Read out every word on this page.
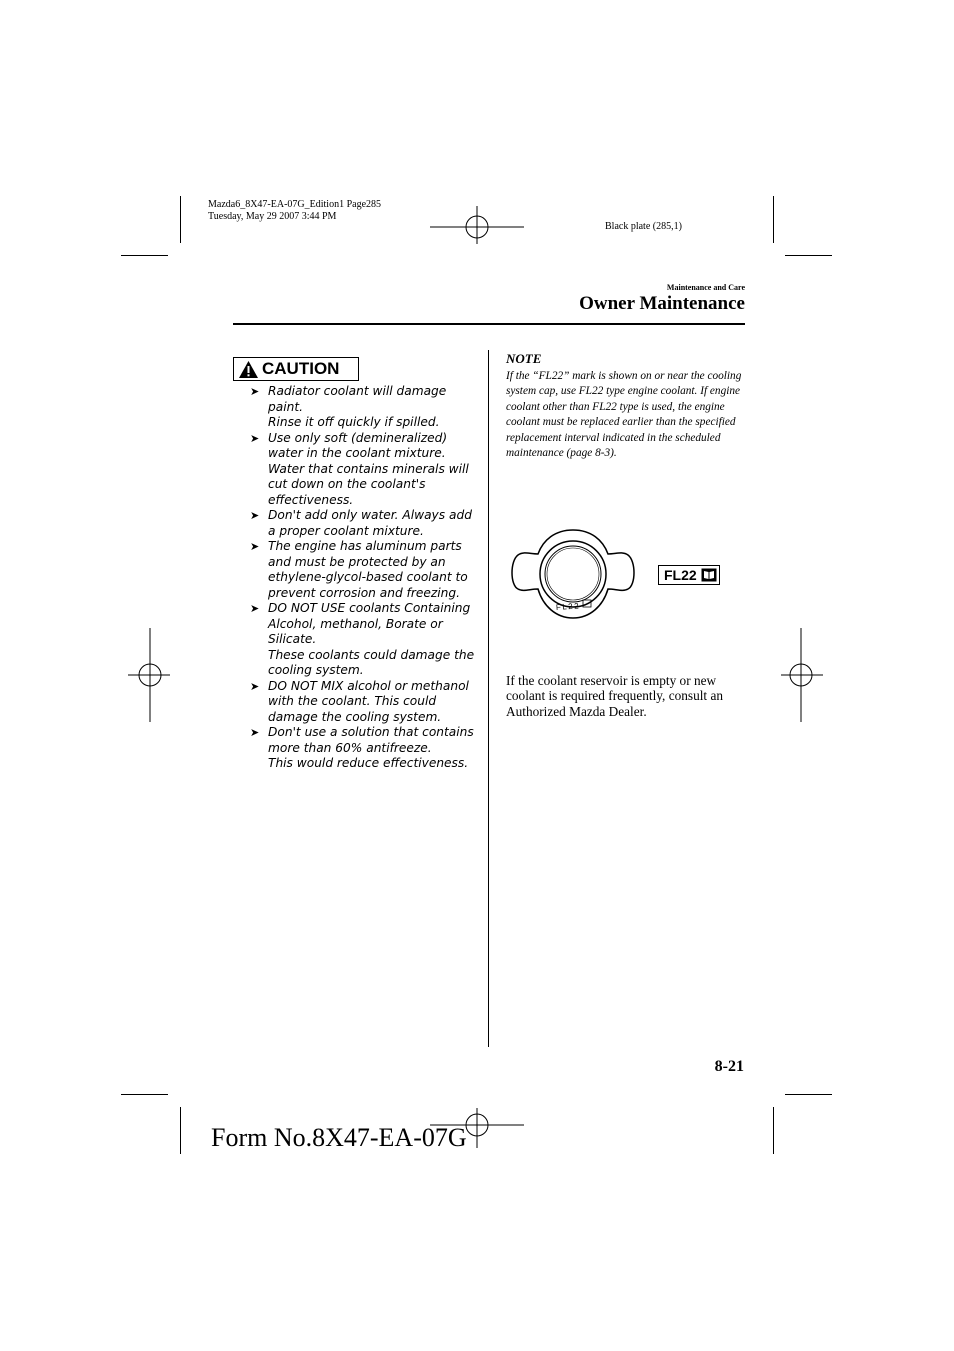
Mazda6_8X47-EA-07G_Edition1 Page285
Tuesday, May 29 2007 3:44 PM
Black plate (285,1)
Maintenance and Care
Owner Maintenance
CAUTION
➤ Radiator coolant will damage
paint.
Rinse it off quickly if spilled.
➤ Use only soft (demineralized)
water in the coolant mixture.
Water that contains minerals will
cut down on the coolant's
effectiveness.
➤ Don't add only water. Always add
a proper coolant mixture.
➤ The engine has aluminum parts
and must be protected by an
ethylene-glycol-based coolant to
prevent corrosion and freezing.
➤ DO NOT USE coolants Containing
Alcohol, methanol, Borate or
Silicate.
These coolants could damage the
cooling system.
➤ DO NOT MIX alcohol or methanol
with the coolant. This could
damage the cooling system.
➤ Don't use a solution that contains
more than 60% antifreeze.
This would reduce effectiveness.
NOTE
If the “FL22” mark is shown on or near the cooling system cap, use FL22 type engine coolant. If engine coolant other than FL22 type is used, the engine coolant must be replaced earlier than the specified replacement interval indicated in the scheduled maintenance (page 8-3).
FL22
FL22
If the coolant reservoir is empty or new coolant is required frequently, consult an Authorized Mazda Dealer.
8-21
Form No.8X47-EA-07G
